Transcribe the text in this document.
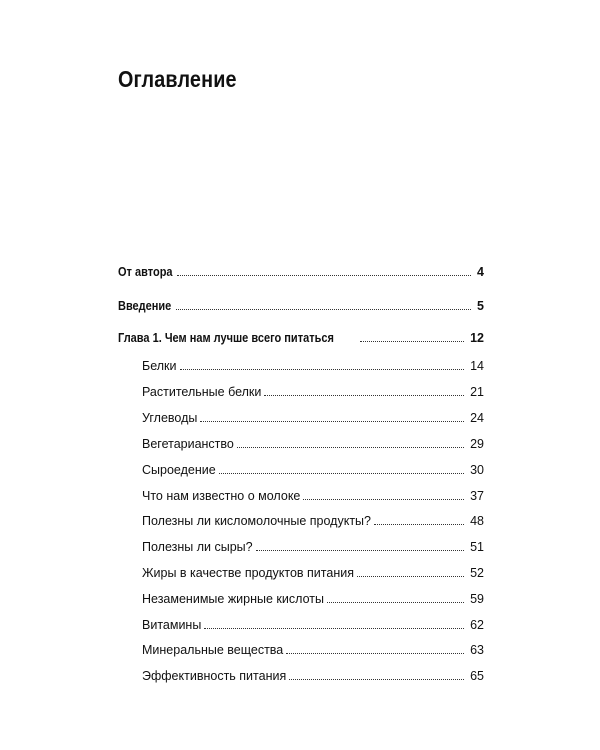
Оглавление
От автора	4
Введение	5
Глава 1. Чем нам лучше всего питаться	12
Белки	14
Растительные белки	21
Углеводы	24
Вегетарианство	29
Сыроедение	30
Что нам известно о молоке	37
Полезны ли кисломолочные продукты?	48
Полезны ли сыры?	51
Жиры в качестве продуктов питания	52
Незаменимые жирные кислоты	59
Витамины	62
Минеральные вещества	63
Эффективность питания	65
